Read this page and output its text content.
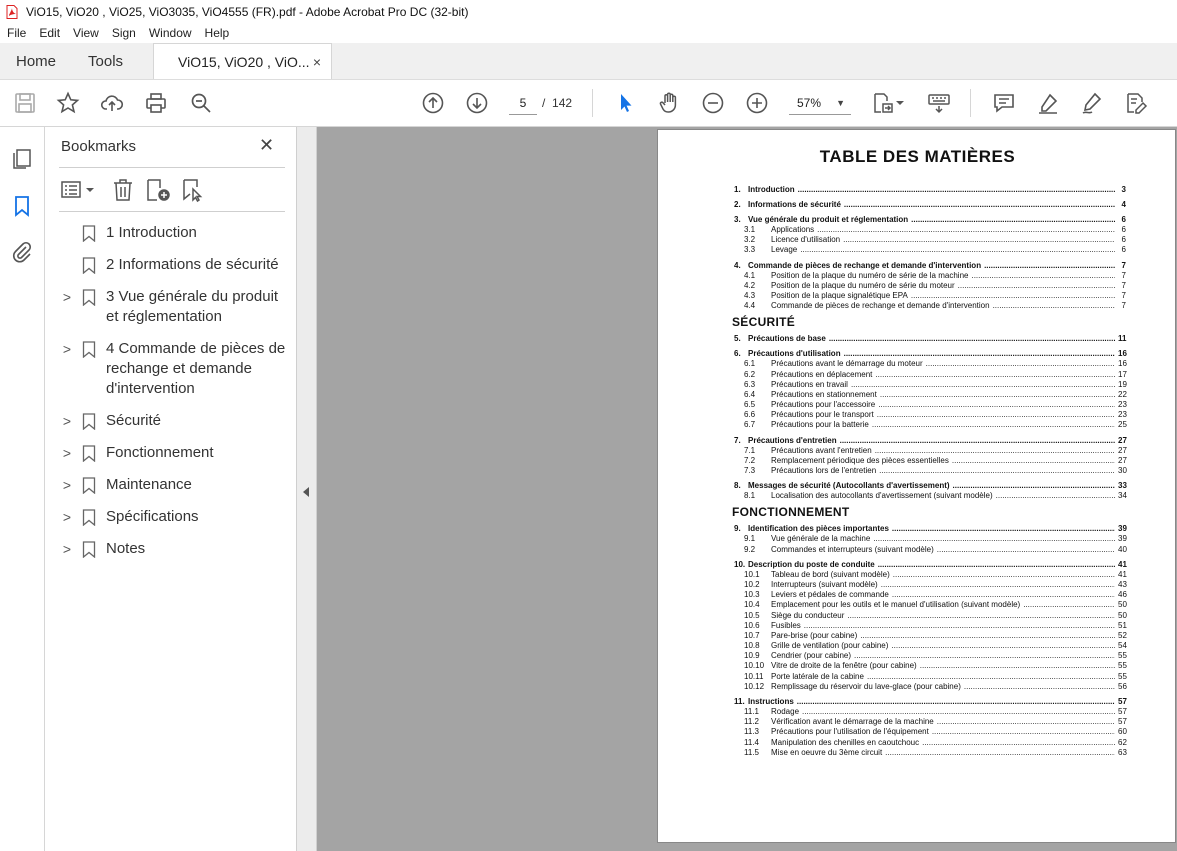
ViO15, ViO20 , ViO25, ViO3035, ViO4555 (FR).pdf - Adobe Acrobat Pro DC (32-bit)
File Edit View Sign Window Help
Home	Tools	ViO15, ViO20 , ViO... ×
5	/ 142	57% ▼
Bookmarks	✕
1 Introduction
2 Informations de sécurité
>	3 Vue générale du produit et réglementation
>	4 Commande de pièces de rechange et demande d'intervention
>	Sécurité
>	Fonctionnement
>	Maintenance
>	Spécifications
>	Notes
TABLE DES MATIÈRES
1. Introduction .....	3
2. Informations de sécurité .....	4
3. Vue générale du produit et réglementation .....	6
3.1	Applications .....	6
3.2	Licence d'utilisation .....	6
3.3	Levage .....	6
4. Commande de pièces de rechange et demande d'intervention .....	7
4.1	Position de la plaque du numéro de série de la machine .....	7
4.2	Position de la plaque du numéro de série du moteur .....	7
4.3	Position de la plaque signalétique EPA .....	7
4.4	Commande de pièces de rechange et demande d'intervention .....	7
SÉCURITÉ
5. Précautions de base .....	11
6. Précautions d'utilisation .....	16
6.1	Précautions avant le démarrage du moteur .....	16
6.2	Précautions en déplacement .....	17
6.3	Précautions en travail .....	19
6.4	Précautions en stationnement .....	22
6.5	Précautions pour l'accessoire .....	23
6.6	Précautions pour le transport .....	23
6.7	Précautions pour la batterie .....	25
7. Précautions d'entretien .....	27
7.1	Précautions avant l'entretien .....	27
7.2	Remplacement périodique des pièces essentielles .....	27
7.3	Précautions lors de l'entretien .....	30
8. Messages de sécurité (Autocollants d'avertissement) .....	33
8.1	Localisation des autocollants d'avertissement (suivant modèle) .....	34
FONCTIONNEMENT
9. Identification des pièces importantes .....	39
9.1	Vue générale de la machine .....	39
9.2	Commandes et interrupteurs (suivant modèle) .....	40
10. Description du poste de conduite .....	41
10.1	Tableau de bord (suivant modèle) .....	41
10.2	Interrupteurs (suivant modèle) .....	43
10.3	Leviers et pédales de commande .....	46
10.4	Emplacement pour les outils et le manuel d'utilisation (suivant modèle) .....	50
10.5	Siège du conducteur .....	50
10.6	Fusibles .....	51
10.7	Pare-brise (pour cabine) .....	52
10.8	Grille de ventilation (pour cabine) .....	54
10.9	Cendrier (pour cabine) .....	55
10.10 Vitre de droite de la fenêtre (pour cabine) .....	55
10.11 Porte latérale de la cabine .....	55
10.12 Remplissage du réservoir du lave-glace (pour cabine) .....	56
11. Instructions .....	57
11.1	Rodage .....	57
11.2	Vérification avant le démarrage de la machine .....	57
11.3	Précautions pour l'utilisation de l'équipement .....	60
11.4	Manipulation des chenilles en caoutchouc .....	62
11.5	Mise en oeuvre du 3ème circuit .....	63
